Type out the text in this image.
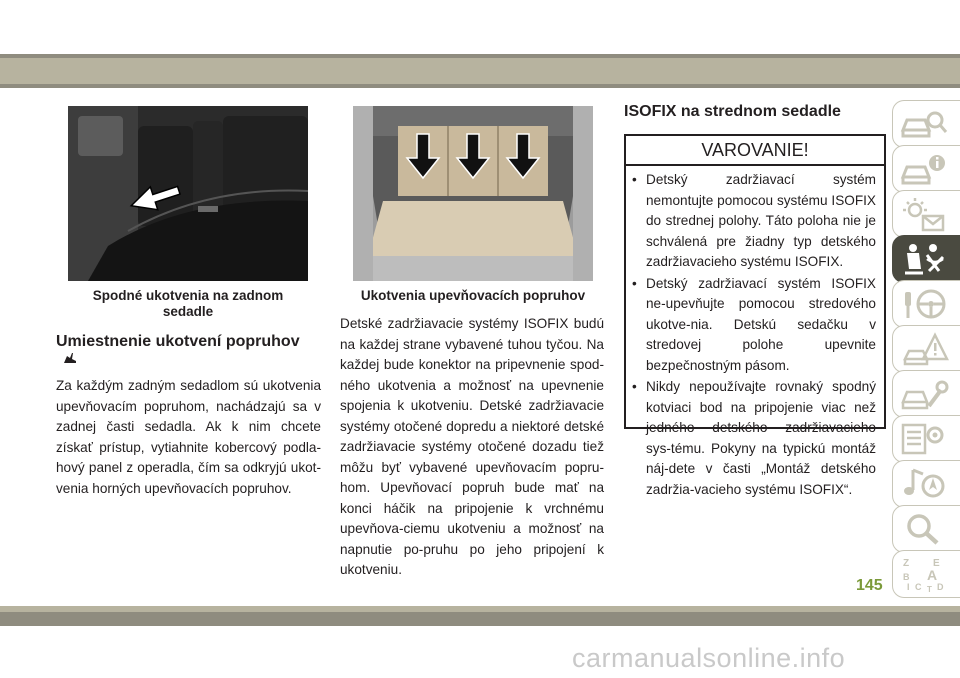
Spodné ukotvenia na zadnom
sedadle
Ukotvenia upevňovacích popruhov
Umiestnenie ukotvení popruhov

Za každým zadným sedadlom sú ukotvenia upevňovacím popruhom, nachádzajú sa v zadnej časti sedadla. Ak k nim chcete získať prístup, vytiahnite kobercový podla-hový panel z operadla, čím sa odkryjú ukot-venia horných upevňovacích popruhov.

Detské zadržiavacie systémy ISOFIX budú na každej strane vybavené tuhou tyčou. Na každej bude konektor na pripevnenie spod-ného ukotvenia a možnosť na upevnenie spojenia k ukotveniu. Detské zadržiavacie systémy otočené dopredu a niektoré detské zadržiavacie systémy otočené dozadu tiež môžu byť vybavené upevňovacím popru-hom. Upevňovací popruh bude mať na konci háčik na pripojenie k vrchnému upevňova-ciemu ukotveniu a možnosť na napnutie po-pruhu po jeho pripojení k ukotveniu.

ISOFIX na strednom sedadle
VAROVANIE!
• Detský zadržiavací systém nemontujte pomocou systému ISOFIX do strednej polohy. Táto poloha nie je schválená pre žiadny typ detského zadržiavacieho systému ISOFIX.
• Detský zadržiavací systém ISOFIX ne-upevňujte pomocou stredového ukotve-nia. Detskú sedačku v stredovej polohe upevnite bezpečnostným pásom.
• Nikdy nepoužívajte rovnaký spodný kotviaci bod na pripojenie viac než jedného detského zadržiavacieho sys-tému. Pokyny na typickú montáž náj-dete v časti „Montáž detského zadržia-vacieho systému ISOFIX“.
Z E
B A
I C D
T
145
carmanualsonline.info
